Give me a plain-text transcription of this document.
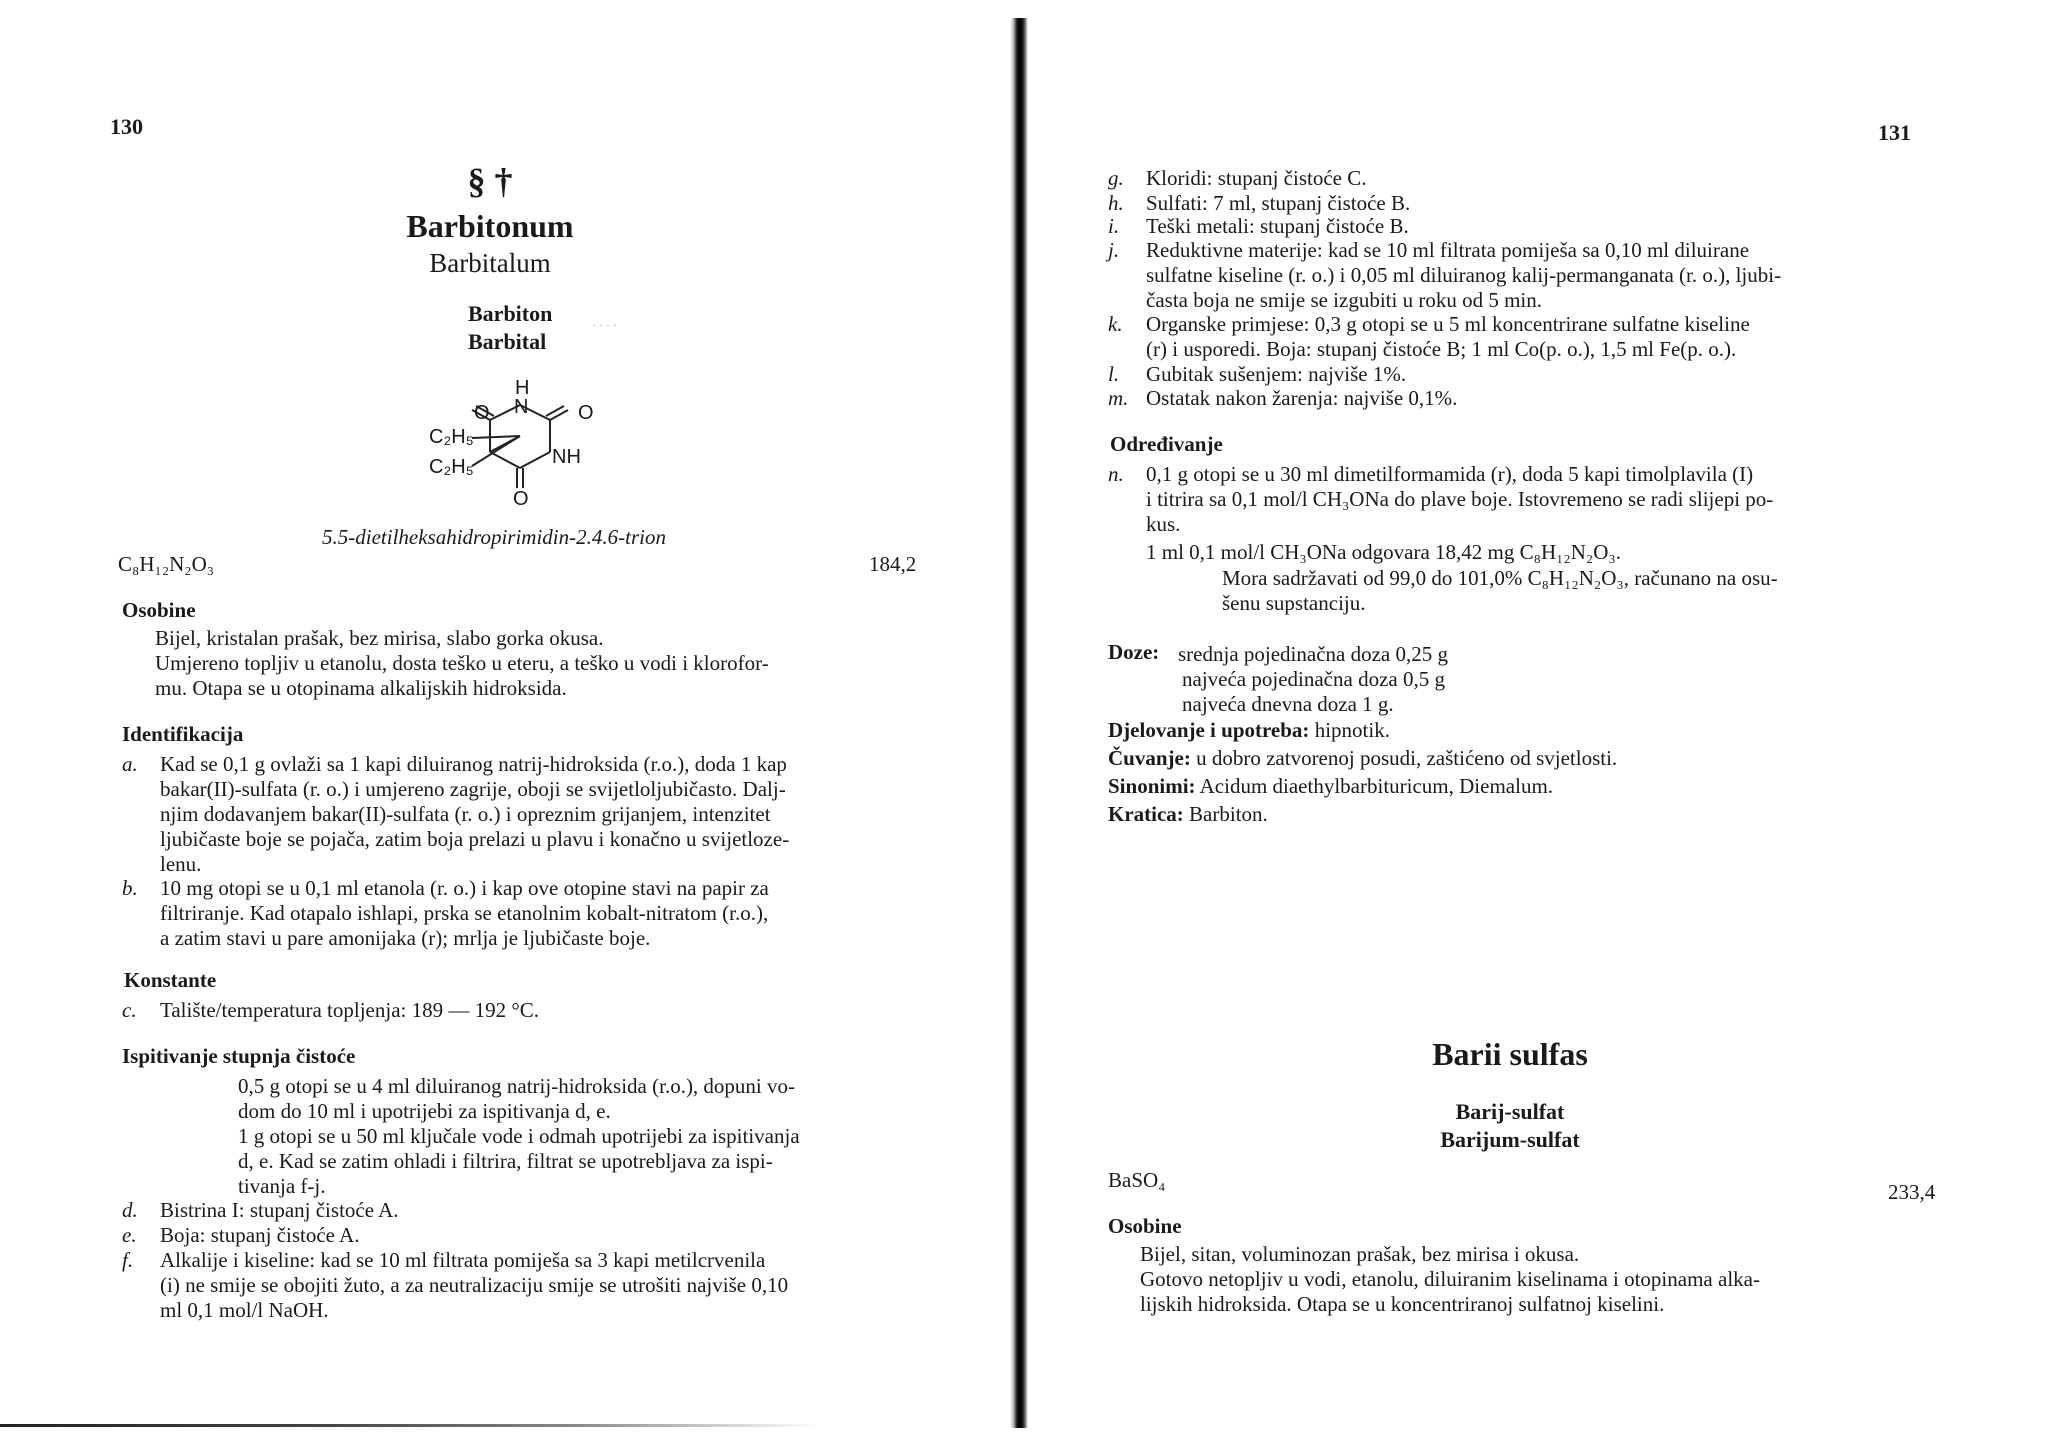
130
§ †
Barbitonum
Barbitalum
Barbiton
Barbital
· · · ·
H
N
O	O
NH
C₂H₅
C₂H₅
O
5.5-dietilheksahidropirimidin-2.4.6-trion
C₈H₁₂N₂O₃	184,2
Osobine
Bijel, kristalan prašak, bez mirisa, slabo gorka okusa.
Umjereno topljiv u etanolu, dosta teško u eteru, a teško u vodi i klorofor-
mu. Otapa se u otopinama alkalijskih hidroksida.
Identifikacija
a. Kad se 0,1 g ovlaži sa 1 kapi diluiranog natrij-hidroksida (r.o.), doda 1 kap
bakar(II)-sulfata (r. o.) i umjereno zagrije, oboji se svijetloljubičasto. Dalj-
njim dodavanjem bakar(II)-sulfata (r. o.) i opreznim grijanjem, intenzitet
ljubičaste boje se pojača, zatim boja prelazi u plavu i konačno u svijetloze-
lenu.
b. 10 mg otopi se u 0,1 ml etanola (r. o.) i kap ove otopine stavi na papir za
filtriranje. Kad otapalo ishlapi, prska se etanolnim kobalt-nitratom (r.o.),
a zatim stavi u pare amonijaka (r); mrlja je ljubičaste boje.
Konstante
c.	Talište/temperatura topljenja: 189 — 192 °C.
Ispitivanje stupnja čistoće
0,5 g otopi se u 4 ml diluiranog natrij-hidroksida (r.o.), dopuni vo-
dom do 10 ml i upotrijebi za ispitivanja d, e.
1 g otopi se u 50 ml ključale vode i odmah upotrijebi za ispitivanja
d, e. Kad se zatim ohladi i filtrira, filtrat se upotrebljava za ispi-
tivanja f-j.
d.	Bistrina I: stupanj čistoće A.
e.	Boja: stupanj čistoće A.
f. Alkalije i kiseline: kad se 10 ml filtrata pomiješa sa 3 kapi metilcrvenila
(i) ne smije se obojiti žuto, a za neutralizaciju smije se utrošiti najviše 0,10
ml 0,1 mol/l NaOH.
131
g.	Kloridi: stupanj čistoće C.
h.	Sulfati: 7 ml, stupanj čistoće B.
i.	Teški metali: stupanj čistoće B.
j. Reduktivne materije: kad se 10 ml filtrata pomiješa sa 0,10 ml diluirane
sulfatne kiseline (r. o.) i 0,05 ml diluiranog kalij-permanganata (r. o.), ljubi-
časta boja ne smije se izgubiti u roku od 5 min.
k. Organske primjese: 0,3 g otopi se u 5 ml koncentrirane sulfatne kiseline
(r) i usporedi. Boja: stupanj čistoće B; 1 ml Co(p. o.), 1,5 ml Fe(p. o.).
l.	Gubitak sušenjem: najviše 1%.
m. Ostatak nakon žarenja: najviše 0,1%.
Određivanje
n. 0,1 g otopi se u 30 ml dimetilformamida (r), doda 5 kapi timolplavila (I)
i titrira sa 0,1 mol/l CH₃ONa do plave boje. Istovremeno se radi slijepi po-
kus.
1 ml 0,1 mol/l CH₃ONa odgovara 18,42 mg C₈H₁₂N₂O₃.
Mora sadržavati od 99,0 do 101,0% C₈H₁₂N₂O₃, računano na osu-
šenu supstanciju.
Doze: srednja pojedinačna doza 0,25 g
najveća pojedinačna doza 0,5 g
najveća dnevna doza 1 g.
Djelovanje i upotreba: hipnotik.
Čuvanje: u dobro zatvorenoj posudi, zaštićeno od svjetlosti.
Sinonimi: Acidum diaethylbarbituricum, Diemalum.
Kratica: Barbiton.
Barii sulfas
Barij-sulfat
Barijum-sulfat
BaSO₄	233,4
Osobine
Bijel, sitan, voluminozan prašak, bez mirisa i okusa.
Gotovo netopljiv u vodi, etanolu, diluiranim kiselinama i otopinama alka-
lijskih hidroksida. Otapa se u koncentriranoj sulfatnoj kiselini.
